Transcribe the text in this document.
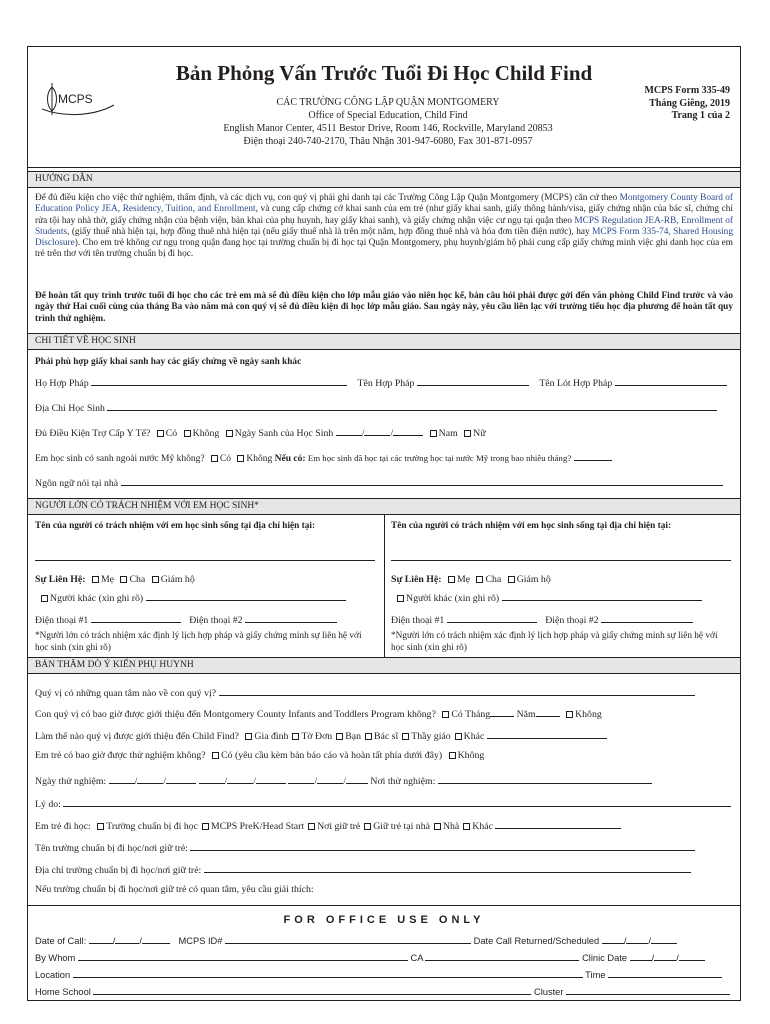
MCPS
Bản Phỏng Vấn Trước Tuổi Đi Học Child Find
CÁC TRƯỜNG CÔNG LẬP QUẬN MONTGOMERY
Office of Special Education, Child Find
English Manor Center, 4511 Bestor Drive, Room 146, Rockville, Maryland 20853
Điện thoại 240-740-2170, Thâu Nhận 301-947-6080, Fax 301-871-0957
MCPS Form 335-49
Tháng Giêng, 2019
Trang 1 của 2
HƯỚNG DẪN
Để đủ điều kiện cho việc thử nghiệm, thẩm định, và các dịch vụ, con quý vị phải ghi danh tại các Trường Công Lập Quận Montgomery (MCPS) căn cứ theo Montgomery County Board of Education Policy JEA, Residency, Tuition, and Enrollment, và cung cấp chứng cớ khai sanh của em trẻ (như giấy khai sanh, giấy thông hành/visa, giấy chứng nhận của bác sĩ, chứng chỉ rửa tội hay nhà thờ, giấy chứng nhận của bệnh viện, bản khai của phụ huynh, hay giấy khai sanh), và giấy chứng nhận việc cư ngụ tại quận theo MCPS Regulation JEA-RB, Enrollment of Students, (giấy thuế nhà hiện tại, hợp đồng thuê nhà hiện tại (nếu giấy thuế nhà là trên một năm, hợp đồng thuê nhà và hóa đơn tiền điện nước), hay MCPS Form 335-74, Shared Housing Disclosure). Cho em trẻ không cư ngụ trong quận đang học tại trường chuẩn bị đi học tại Quận Montgomery, phụ huynh/giám hộ phải cung cấp giấy chứng minh việc ghi danh học của em trẻ trên thơ với tên trường chuẩn bị đi học.
Để hoàn tất quy trình trước tuổi đi học cho các trẻ em mà sẽ đủ điều kiện cho lớp mẫu giáo vào niên học kế, bản câu hỏi phải được gởi đến văn phòng Child Find trước và vào ngày thứ Hai cuối cùng của tháng Ba vào năm mà con quý vị sẽ đủ điều kiện đi học lớp mẫu giáo. Sau ngày này, yêu cầu liên lạc với trường tiểu học địa phương để hoàn tất quy trình thử nghiệm.
CHI TIẾT VỀ HỌC SINH
Phải phù hợp giấy khai sanh hay các giấy chứng về ngày sanh khác
Họ Hợp Pháp	Tên Hợp Pháp	Tên Lót Hợp Pháp
Địa Chỉ Học Sinh
Đủ Điều Kiện Trợ Cấp Y Tế? Có Không Ngày Sanh của Học Sinh	/	/	Nam Nữ
Em học sinh có sanh ngoài nước Mỹ không? Có Không Nếu có: Em học sinh đã học tại các trường học tại nước Mỹ trong bao nhiêu tháng?
Ngôn ngữ nói tại nhà
NGƯỜI LỚN CÓ TRÁCH NHIỆM VỚI EM HỌC SINH*
Tên của người có trách nhiệm với em học sinh sống tại địa chỉ hiện tại:
Sự Liên Hệ: Mẹ Cha Giám hộ
Người khác (xin ghi rõ)
Điện thoại #1	Điện thoại #2
*Người lớn có trách nhiệm xác định lý lịch hợp pháp và giấy chứng minh sự liên hệ với học sinh (xin ghi rõ)
Tên của người có trách nhiệm với em học sinh sống tại địa chỉ hiện tại:
Sự Liên Hệ: Mẹ Cha Giám hộ
Người khác (xin ghi rõ)
Điện thoại #1	Điện thoại #2
*Người lớn có trách nhiệm xác định lý lịch hợp pháp và giấy chứng minh sự liên hệ với học sinh (xin ghi rõ)
BẢN THĂM DÒ Ý KIẾN PHỤ HUYNH
Quý vị có những quan tâm nào về con quý vị?
Con quý vị có bao giờ được giới thiệu đến Montgomery County Infants and Toddlers Program không? Có Tháng	Năm	Không
Làm thế nào quý vị được giới thiệu đến Child Find? Gia đình Tờ Đơn Bạn Bác sĩ Thầy giáo Khác
Em trẻ có bao giờ được thử nghiệm không? Có (yêu cầu kèm bản báo cáo và hoàn tất phía dưới đây) Không
Ngày thử nghiệm:	/	/	/	/	/	/ Nơi thử nghiệm:
Lý do:
Em trẻ đi học: Trường chuẩn bị đi học MCPS PreK/Head Start Nơi giữ trẻ Giữ trẻ tại nhà Nhà Khác
Tên trường chuẩn bị đi học/nơi giữ trẻ:
Địa chỉ trường chuẩn bị đi học/nơi giữ trẻ:
Nếu trường chuẩn bị đi học/nơi giữ trẻ có quan tâm, yêu cầu giải thích:
FOR OFFICE USE ONLY
Date of Call:	/	/	MCPS ID#	Date Call Returned/Scheduled	/ /
By Whom	CA	Clinic Date	/ /
Location	Time
Home School	Cluster
